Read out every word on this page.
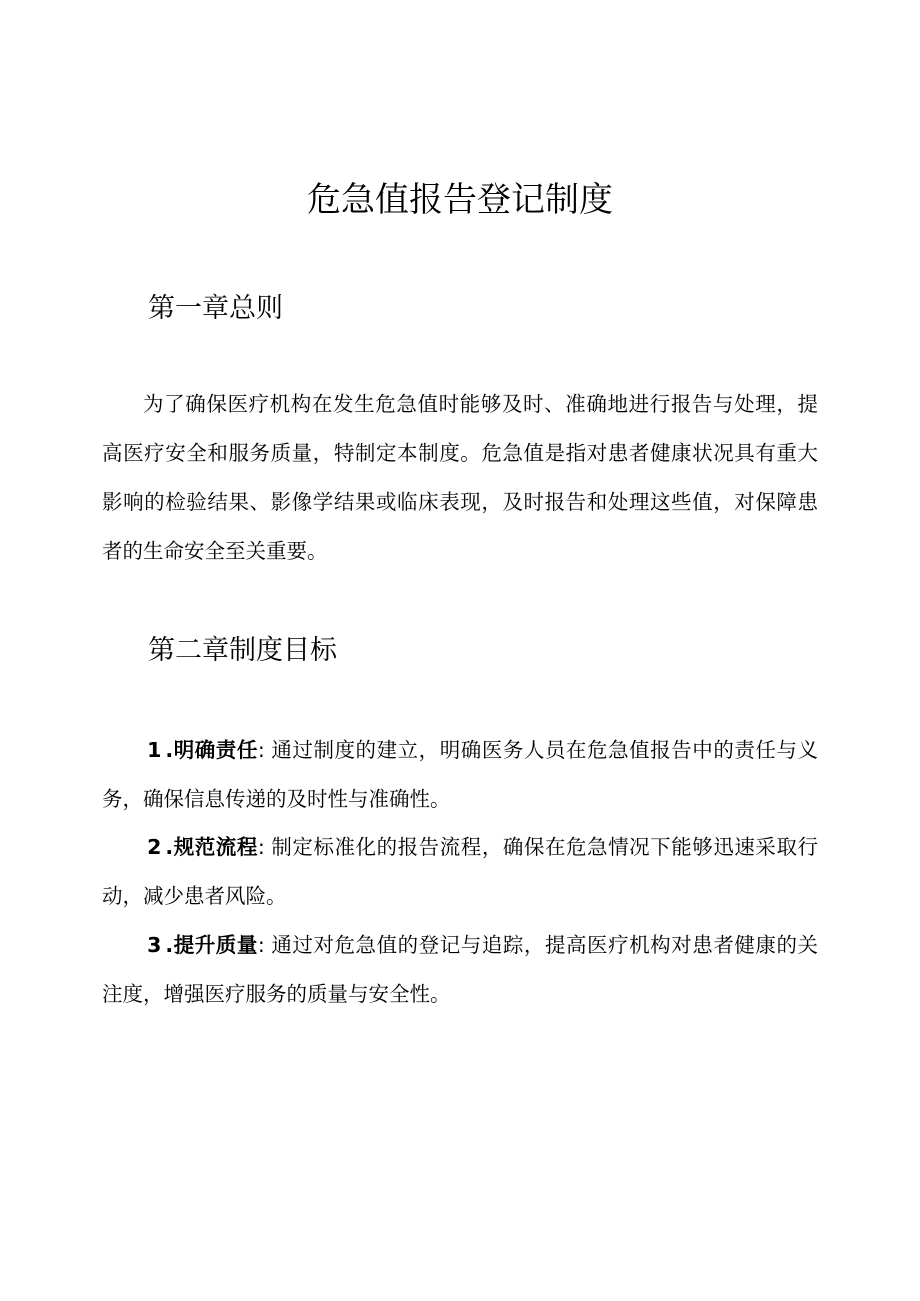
危急值报告登记制度
第一章总则

为了确保医疗机构在发生危急值时能够及时、准确地进行报告与处理，提高医疗安全和服务质量，特制定本制度。危急值是指对患者健康状况具有重大影响的检验结果、影像学结果或临床表现，及时报告和处理这些值，对保障患者的生命安全至关重要。

第二章制度目标

1 .明确责任: 通过制度的建立，明确医务人员在危急值报告中的责任与义务，确保信息传递的及时性与准确性。

2 .规范流程: 制定标准化的报告流程，确保在危急情况下能够迅速采取行动，减少患者风险。

3 .提升质量: 通过对危急值的登记与追踪，提高医疗机构对患者健康的关注度，增强医疗服务的质量与安全性。
